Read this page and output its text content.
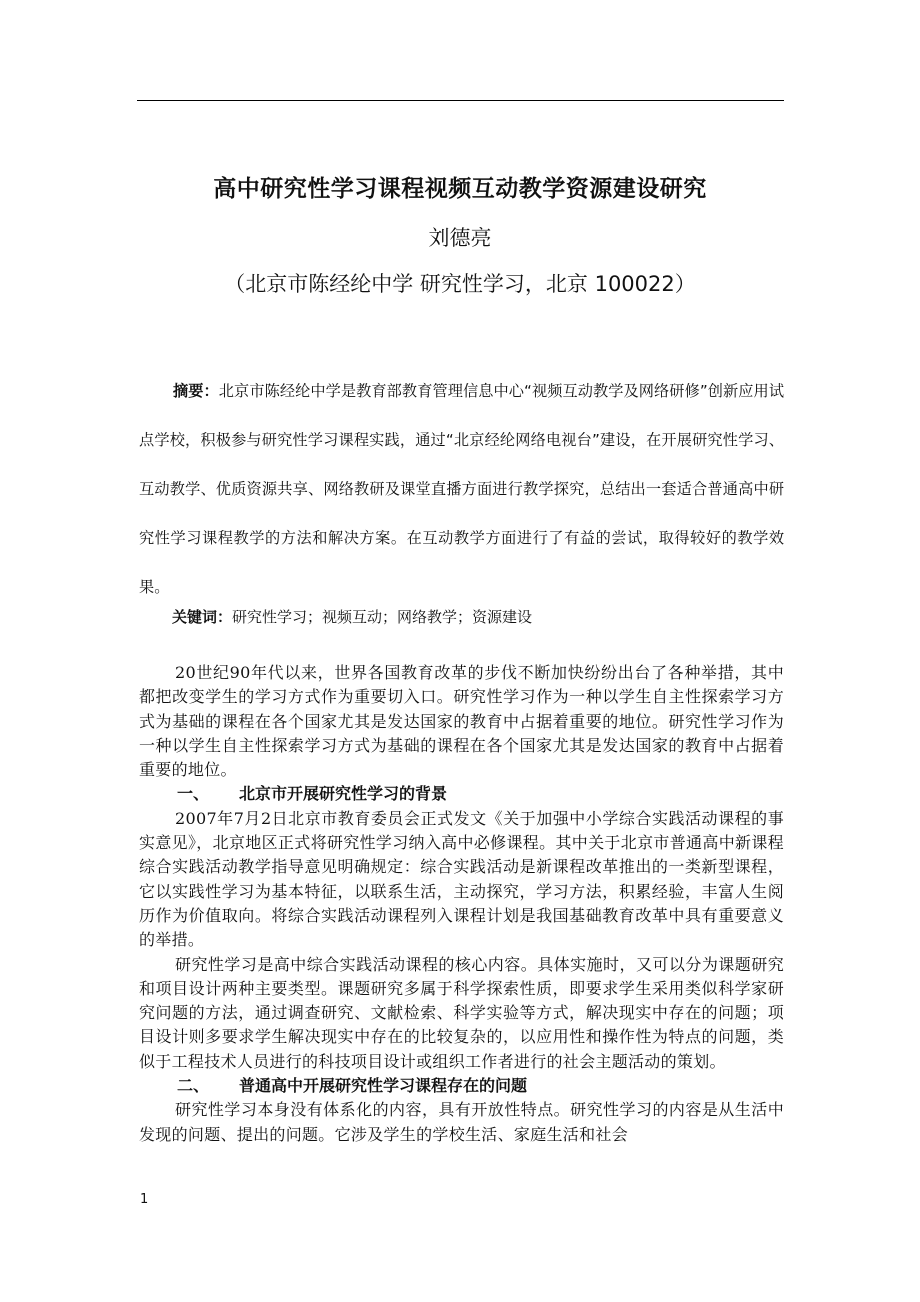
高中研究性学习课程视频互动教学资源建设研究
刘德亮
（北京市陈经纶中学 研究性学习，北京 100022）

摘要：北京市陈经纶中学是教育部教育管理信息中心“视频互动教学及网络研修”创新应用试点学校，积极参与研究性学习课程实践，通过“北京经纶网络电视台”建设，在开展研究性学习、互动教学、优质资源共享、网络教研及课堂直播方面进行教学探究，总结出一套适合普通高中研究性学习课程教学的方法和解决方案。在互动教学方面进行了有益的尝试，取得较好的教学效果。

关键词：研究性学习；视频互动；网络教学；资源建设

20世纪90年代以来，世界各国教育改革的步伐不断加快纷纷出台了各种举措，其中都把改变学生的学习方式作为重要切入口。研究性学习作为一种以学生自主性探索学习方式为基础的课程在各个国家尤其是发达国家的教育中占据着重要的地位。研究性学习作为一种以学生自主性探索学习方式为基础的课程在各个国家尤其是发达国家的教育中占据着重要的地位。

一、 北京市开展研究性学习的背景

2007年7月2日北京市教育委员会正式发文《关于加强中小学综合实践活动课程的事实意见》，北京地区正式将研究性学习纳入高中必修课程。其中关于北京市普通高中新课程综合实践活动教学指导意见明确规定：综合实践活动是新课程改革推出的一类新型课程，它以实践性学习为基本特征，以联系生活，主动探究，学习方法，积累经验，丰富人生阅历作为价值取向。将综合实践活动课程列入课程计划是我国基础教育改革中具有重要意义的举措。

研究性学习是高中综合实践活动课程的核心内容。具体实施时，又可以分为课题研究和项目设计两种主要类型。课题研究多属于科学探索性质，即要求学生采用类似科学家研究问题的方法，通过调查研究、文献检索、科学实验等方式，解决现实中存在的问题；项目设计则多要求学生解决现实中存在的比较复杂的，以应用性和操作性为特点的问题，类似于工程技术人员进行的科技项目设计或组织工作者进行的社会主题活动的策划。

二、 普通高中开展研究性学习课程存在的问题

研究性学习本身没有体系化的内容，具有开放性特点。研究性学习的内容是从生活中发现的问题、提出的问题。它涉及学生的学校生活、家庭生活和社会

1
